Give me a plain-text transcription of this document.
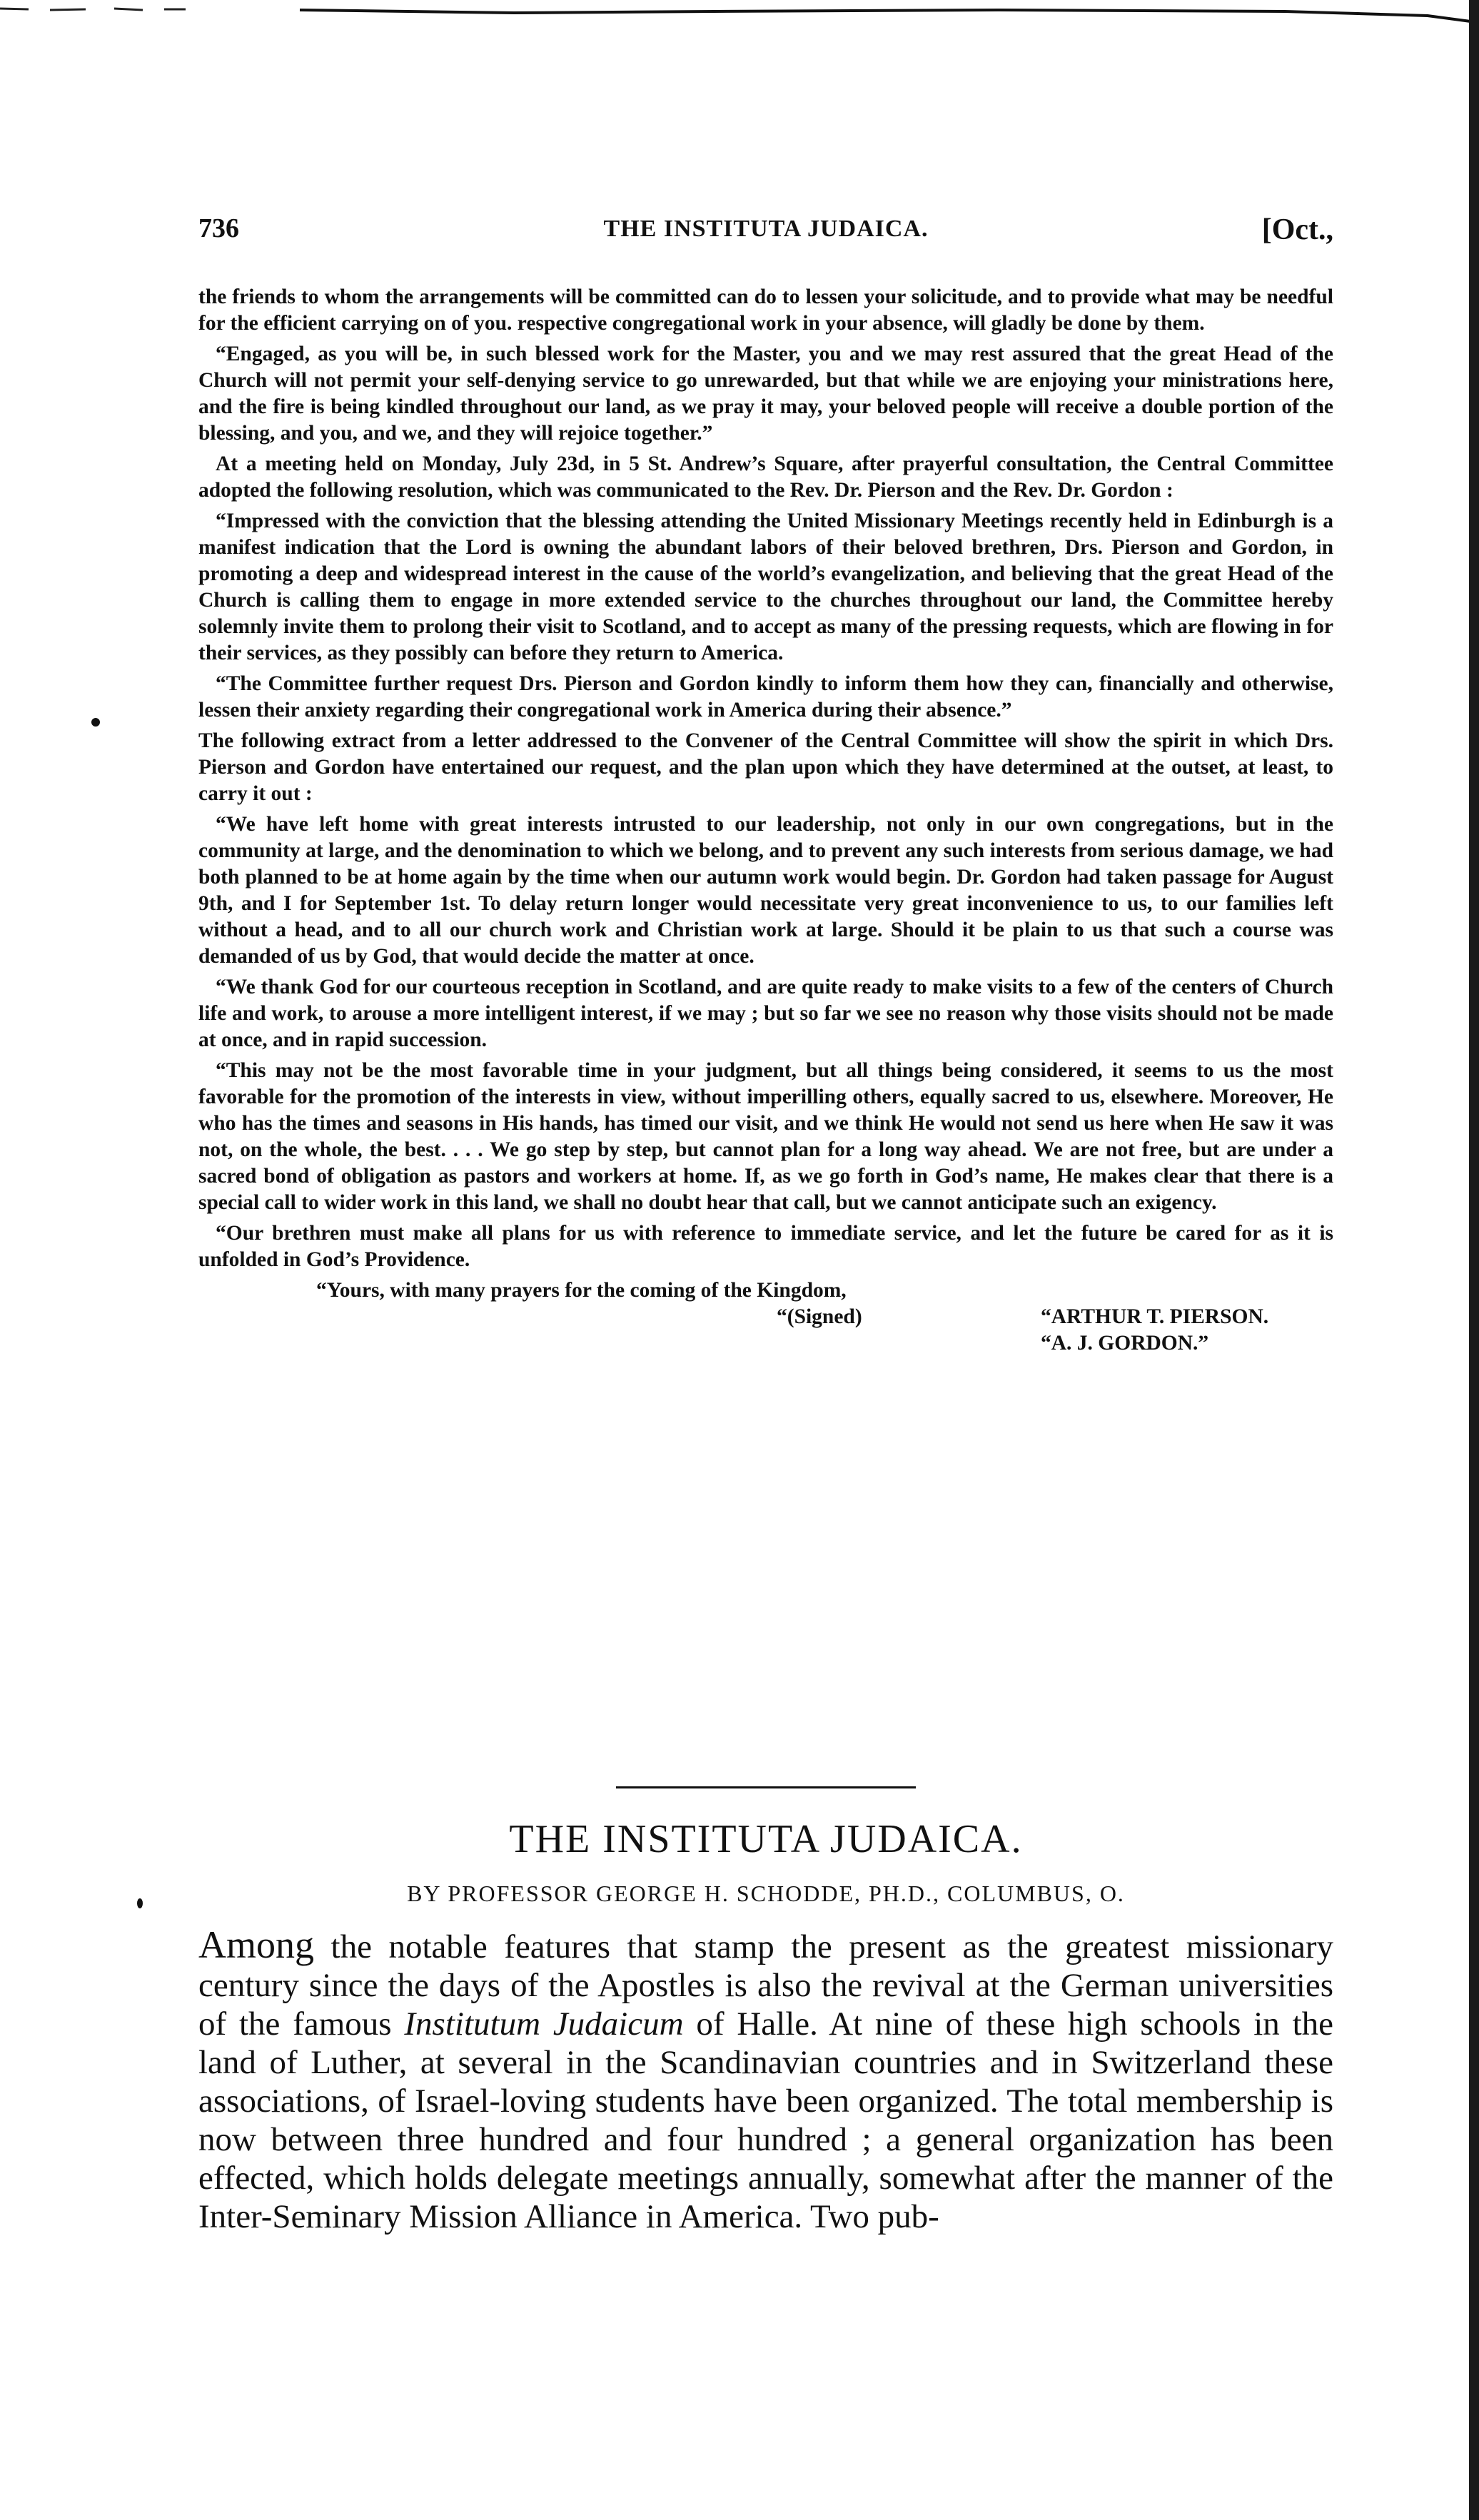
736	THE INSTITUTA JUDAICA.	[Oct.,

the friends to whom the arrangements will be committed can do to lessen your solicitude, and to provide what may be needful for the efficient carrying on of you. respective congregational work in your absence, will gladly be done by them.

“Engaged, as you will be, in such blessed work for the Master, you and we may rest assured that the great Head of the Church will not permit your self-denying service to go unrewarded, but that while we are enjoying your ministrations here, and the fire is being kindled throughout our land, as we pray it may, your beloved people will receive a double portion of the blessing, and you, and we, and they will rejoice together.”

At a meeting held on Monday, July 23d, in 5 St. Andrew’s Square, after prayerful consultation, the Central Committee adopted the following resolution, which was communicated to the Rev. Dr. Pierson and the Rev. Dr. Gordon :

“Impressed with the conviction that the blessing attending the United Missionary Meetings recently held in Edinburgh is a manifest indication that the Lord is owning the abundant labors of their beloved brethren, Drs. Pierson and Gordon, in promoting a deep and widespread interest in the cause of the world’s evangelization, and believing that the great Head of the Church is calling them to engage in more extended service to the churches throughout our land, the Committee hereby solemnly invite them to prolong their visit to Scotland, and to accept as many of the pressing requests, which are flowing in for their services, as they possibly can before they return to America.

“The Committee further request Drs. Pierson and Gordon kindly to inform them how they can, financially and otherwise, lessen their anxiety regarding their congregational work in America during their absence.”

The following extract from a letter addressed to the Convener of the Central Committee will show the spirit in which Drs. Pierson and Gordon have entertained our request, and the plan upon which they have determined at the outset, at least, to carry it out :

“We have left home with great interests intrusted to our leadership, not only in our own congregations, but in the community at large, and the denomination to which we belong, and to prevent any such interests from serious damage, we had both planned to be at home again by the time when our autumn work would begin. Dr. Gordon had taken passage for August 9th, and I for September 1st. To delay return longer would necessitate very great inconvenience to us, to our families left without a head, and to all our church work and Christian work at large. Should it be plain to us that such a course was demanded of us by God, that would decide the matter at once.

“We thank God for our courteous reception in Scotland, and are quite ready to make visits to a few of the centers of Church life and work, to arouse a more intelligent interest, if we may ; but so far we see no reason why those visits should not be made at once, and in rapid succession.

“This may not be the most favorable time in your judgment, but all things being considered, it seems to us the most favorable for the promotion of the interests in view, without imperilling others, equally sacred to us, elsewhere. Moreover, He who has the times and seasons in His hands, has timed our visit, and we think He would not send us here when He saw it was not, on the whole, the best. . . . We go step by step, but cannot plan for a long way ahead. We are not free, but are under a sacred bond of obligation as pastors and workers at home. If, as we go forth in God’s name, He makes clear that there is a special call to wider work in this land, we shall no doubt hear that call, but we cannot anticipate such an exigency.

“Our brethren must make all plans for us with reference to immediate service, and let the future be cared for as it is unfolded in God’s Providence.

“Yours, with many prayers for the coming of the Kingdom,
“(Signed)	“ARTHUR T. PIERSON.
“A. J. GORDON.”
THE INSTITUTA JUDAICA.
BY PROFESSOR GEORGE H. SCHODDE, PH.D., COLUMBUS, O.
Among the notable features that stamp the present as the greatest missionary century since the days of the Apostles is also the revival at the German universities of the famous Institutum Judaicum of Halle. At nine of these high schools in the land of Luther, at several in the Scandinavian countries and in Switzerland these associations, of Israel-loving students have been organized. The total membership is now between three hundred and four hundred ; a general organization has been effected, which holds delegate meetings annually, somewhat after the manner of the Inter-Seminary Mission Alliance in America. Two pub-
